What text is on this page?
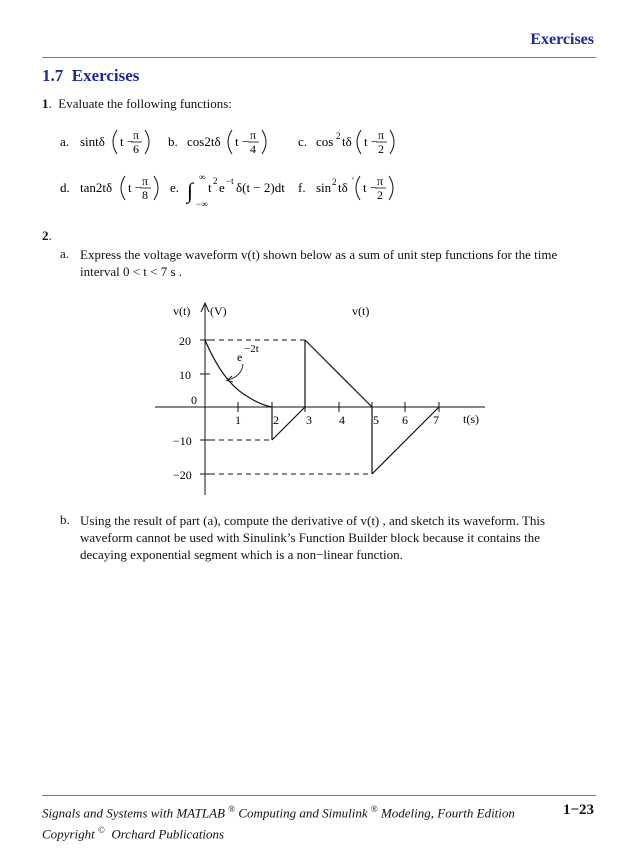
Exercises
1.7 Exercises
1.  Evaluate the following functions:
a. sintδ t −
π
6 b. cos2tδ t − π
4	c. cos 2 tδ t − π
2
d. tan2tδ t − π
8 e. ∫
∞
−∞
t 2 e −t δ(t − 2)dt f. sin 2 tδ ′ t − π
2
2.
a. Express the voltage waveform v(t) shown below as a sum of unit step functions for the time
interval 0 < t < 7 s .
v(t) (V)	v(t)
t(s)
20
10
0
−10
−20
1	2 3 4 5 6 7
e
−2t
b. Using the result of part (a), compute the derivative of v(t) , and sketch its waveform. This
waveform cannot be used with Sinulink’s Function Builder block because it contains the
decaying exponential segment which is a non−linear function.
Signals and Systems with MATLAB ® Computing and Simulink ® Modeling, Fourth Edition	1−23
Copyright © Orchard Publications
